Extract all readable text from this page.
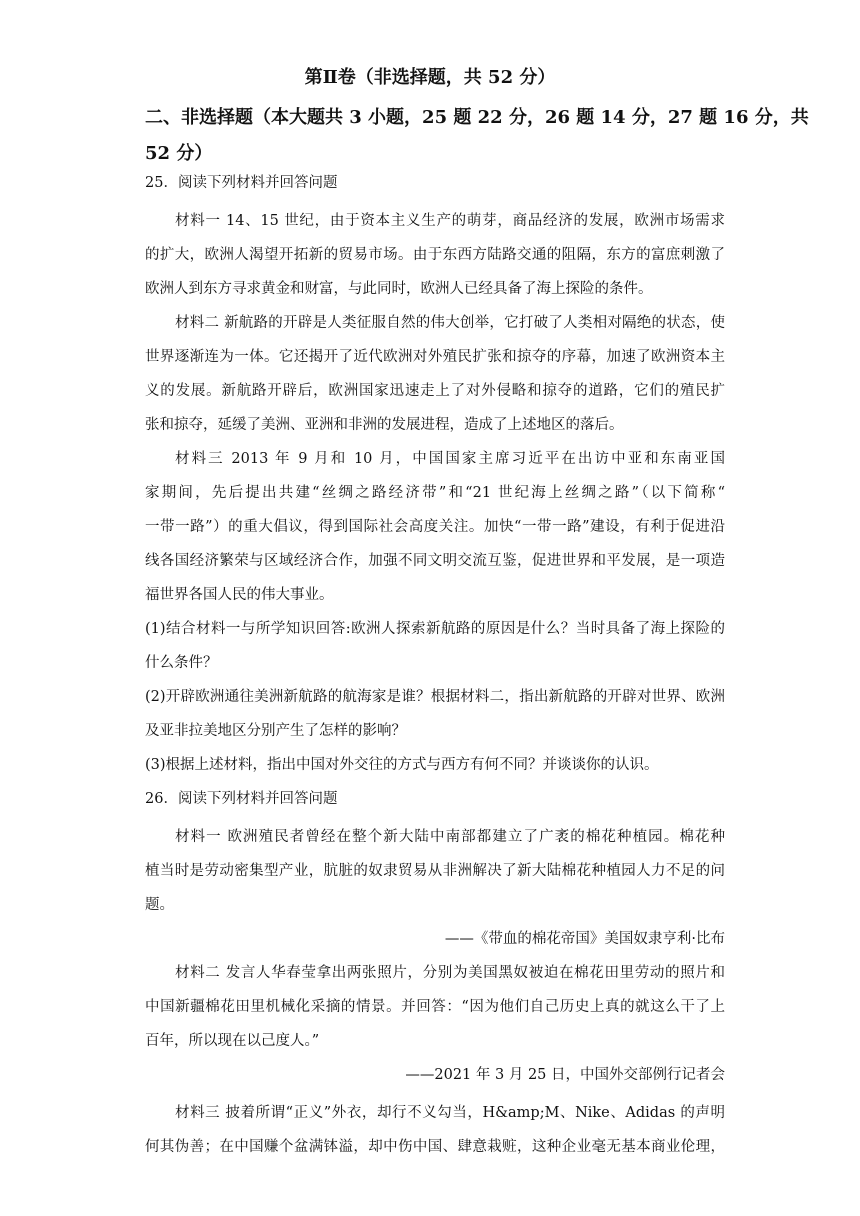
第Ⅱ卷（非选择题，共 52 分）
二、非选择题（本大题共 3 小题，25 题 22 分，26 题 14 分，27 题 16 分，共
52 分）
25．阅读下列材料并回答问题
材料一 14、15 世纪，由于资本主义生产的萌芽，商品经济的发展，欧洲市场需求
的扩大，欧洲人渴望开拓新的贸易市场。由于东西方陆路交通的阻隔，东方的富庶刺激了
欧洲人到东方寻求黄金和财富，与此同时，欧洲人已经具备了海上探险的条件。
材料二 新航路的开辟是人类征服自然的伟大创举，它打破了人类相对隔绝的状态，使
世界逐渐连为一体。它还揭开了近代欧洲对外殖民扩张和掠夺的序幕，加速了欧洲资本主
义的发展。新航路开辟后，欧洲国家迅速走上了对外侵略和掠夺的道路，它们的殖民扩
张和掠夺，延缓了美洲、亚洲和非洲的发展进程，造成了上述地区的落后。
材料三 2013 年 9 月和 10 月，中国国家主席习近平在出访中亚和东南亚国
家期间，先后提出共建“丝绸之路经济带”和“21 世纪海上丝绸之路”（以下简称“
一带一路”）的重大倡议，得到国际社会高度关注。加快“一带一路”建设，有利于促进沿
线各国经济繁荣与区域经济合作，加强不同文明交流互鉴，促进世界和平发展，是一项造
福世界各国人民的伟大事业。
(1)结合材料一与所学知识回答:欧洲人探索新航路的原因是什么？当时具备了海上探险的
什么条件？
(2)开辟欧洲通往美洲新航路的航海家是谁？根据材料二，指出新航路的开辟对世界、欧洲
及亚非拉美地区分别产生了怎样的影响？
(3)根据上述材料，指出中国对外交往的方式与西方有何不同？并谈谈你的认识。
26．阅读下列材料并回答问题
材料一 欧洲殖民者曾经在整个新大陆中南部都建立了广袤的棉花种植园。棉花种
植当时是劳动密集型产业，肮脏的奴隶贸易从非洲解决了新大陆棉花种植园人力不足的问
题。
——《带血的棉花帝国》美国奴隶亨利·比布
材料二 发言人华春莹拿出两张照片，分别为美国黑奴被迫在棉花田里劳动的照片和
中国新疆棉花田里机械化采摘的情景。并回答：“因为他们自己历史上真的就这么干了上
百年，所以现在以己度人。”
——2021 年 3 月 25 日，中国外交部例行记者会
材料三 披着所谓“正义”外衣，却行不义勾当，H&amp;M、Nike、Adidas 的声明
何其伪善；在中国赚个盆满钵溢，却中伤中国、肆意栽赃，这种企业毫无基本商业伦理，
